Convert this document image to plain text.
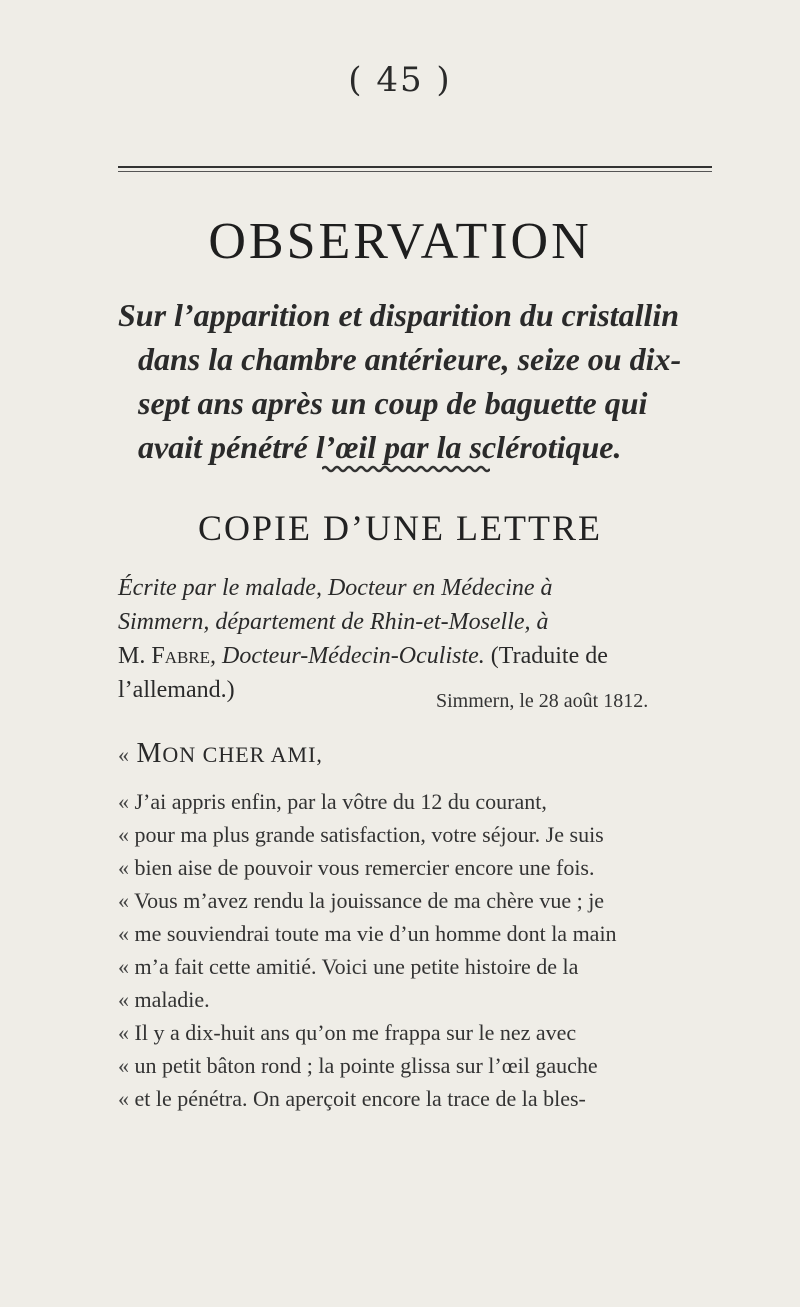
( 45 )
OBSERVATION
Sur l’apparition et disparition du cristallin
dans la chambre antérieure, seize ou dix-
sept ans après un coup de baguette qui
avait pénétré l’œil par la sclérotique.
COPIE D’UNE LETTRE
Écrite par le malade, Docteur en Médecine à
Simmern, département de Rhin-et-Moselle, à
M. Fabre, Docteur-Médecin-Oculiste. (Traduite de
l’allemand.)	Simmern, le 28 août 1812.
« MON CHER AMI,
« J’ai appris enfin, par la vôtre du 12 du courant,
« pour ma plus grande satisfaction, votre séjour. Je suis
« bien aise de pouvoir vous remercier encore une fois.
« Vous m’avez rendu la jouissance de ma chère vue ; je
« me souviendrai toute ma vie d’un homme dont la main
« m’a fait cette amitié. Voici une petite histoire de la
« maladie.
« Il y a dix-huit ans qu’on me frappa sur le nez avec
« un petit bâton rond ; la pointe glissa sur l’œil gauche
« et le pénétra. On aperçoit encore la trace de la bles-
